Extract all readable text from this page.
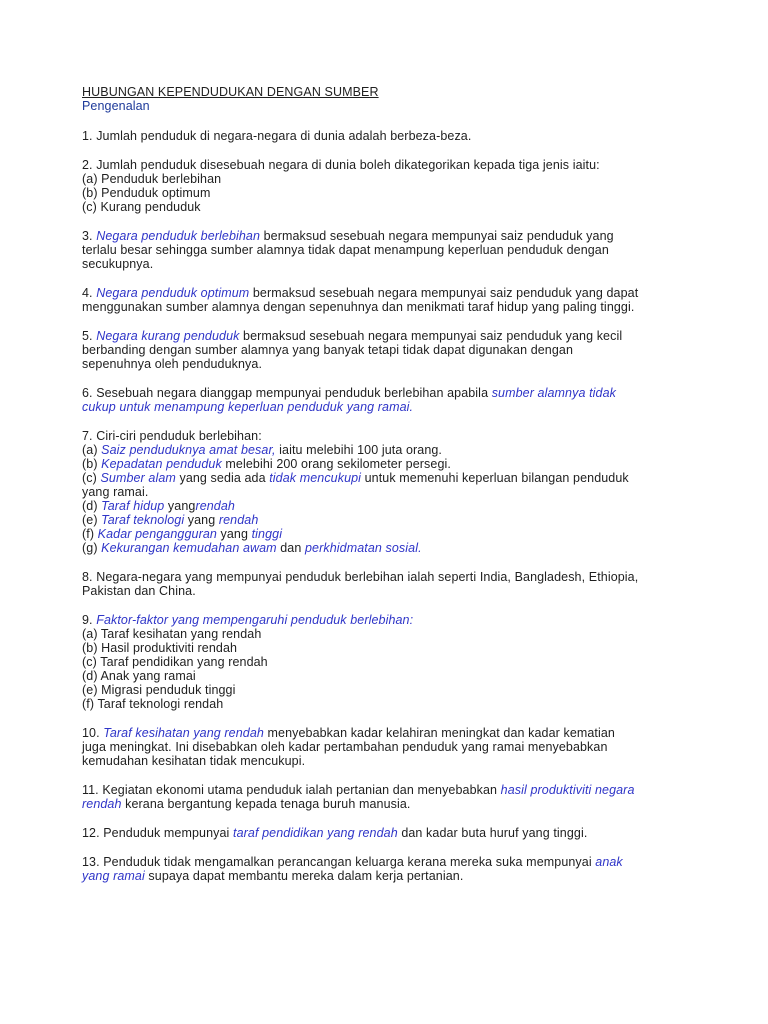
HUBUNGAN KEPENDUDUKAN DENGAN SUMBER
Pengenalan
1. Jumlah penduduk di negara-negara di dunia adalah berbeza-beza.
2. Jumlah penduduk disesebuah negara di dunia boleh dikategorikan kepada tiga jenis iaitu:
(a) Penduduk berlebihan
(b) Penduduk optimum
(c) Kurang penduduk
3. Negara penduduk berlebihan bermaksud sesebuah negara mempunyai saiz penduduk yang
terlalu besar sehingga sumber alamnya tidak dapat menampung keperluan penduduk dengan
secukupnya.
4. Negara penduduk optimum bermaksud sesebuah negara mempunyai saiz penduduk yang dapat
menggunakan sumber alamnya dengan sepenuhnya dan menikmati taraf hidup yang paling tinggi.
5. Negara kurang penduduk bermaksud sesebuah negara mempunyai saiz penduduk yang kecil
berbanding dengan sumber alamnya yang banyak tetapi tidak dapat digunakan dengan
sepenuhnya oleh penduduknya.
6. Sesebuah negara dianggap mempunyai penduduk berlebihan apabila sumber alamnya tidak
cukup untuk menampung keperluan penduduk yang ramai.
7. Ciri-ciri penduduk berlebihan:
(a) Saiz penduduknya amat besar, iaitu melebihi 100 juta orang.
(b) Kepadatan penduduk melebihi 200 orang sekilometer persegi.
(c) Sumber alam yang sedia ada tidak mencukupi untuk memenuhi keperluan bilangan penduduk
yang ramai.
(d) Taraf hidup yangrendah
(e) Taraf teknologi yang rendah
(f) Kadar pengangguran yang tinggi
(g) Kekurangan kemudahan awam dan perkhidmatan sosial.
8. Negara-negara yang mempunyai penduduk berlebihan ialah seperti India, Bangladesh, Ethiopia,
Pakistan dan China.
9. Faktor-faktor yang mempengaruhi penduduk berlebihan:
(a) Taraf kesihatan yang rendah
(b) Hasil produktiviti rendah
(c) Taraf pendidikan yang rendah
(d) Anak yang ramai
(e) Migrasi penduduk tinggi
(f) Taraf teknologi rendah
10. Taraf kesihatan yang rendah menyebabkan kadar kelahiran meningkat dan kadar kematian
juga meningkat. Ini disebabkan oleh kadar pertambahan penduduk yang ramai menyebabkan
kemudahan kesihatan tidak mencukupi.
11. Kegiatan ekonomi utama penduduk ialah pertanian dan menyebabkan hasil produktiviti negara
rendah kerana bergantung kepada tenaga buruh manusia.
12. Penduduk mempunyai taraf pendidikan yang rendah dan kadar buta huruf yang tinggi.
13. Penduduk tidak mengamalkan perancangan keluarga kerana mereka suka mempunyai anak
yang ramai supaya dapat membantu mereka dalam kerja pertanian.
